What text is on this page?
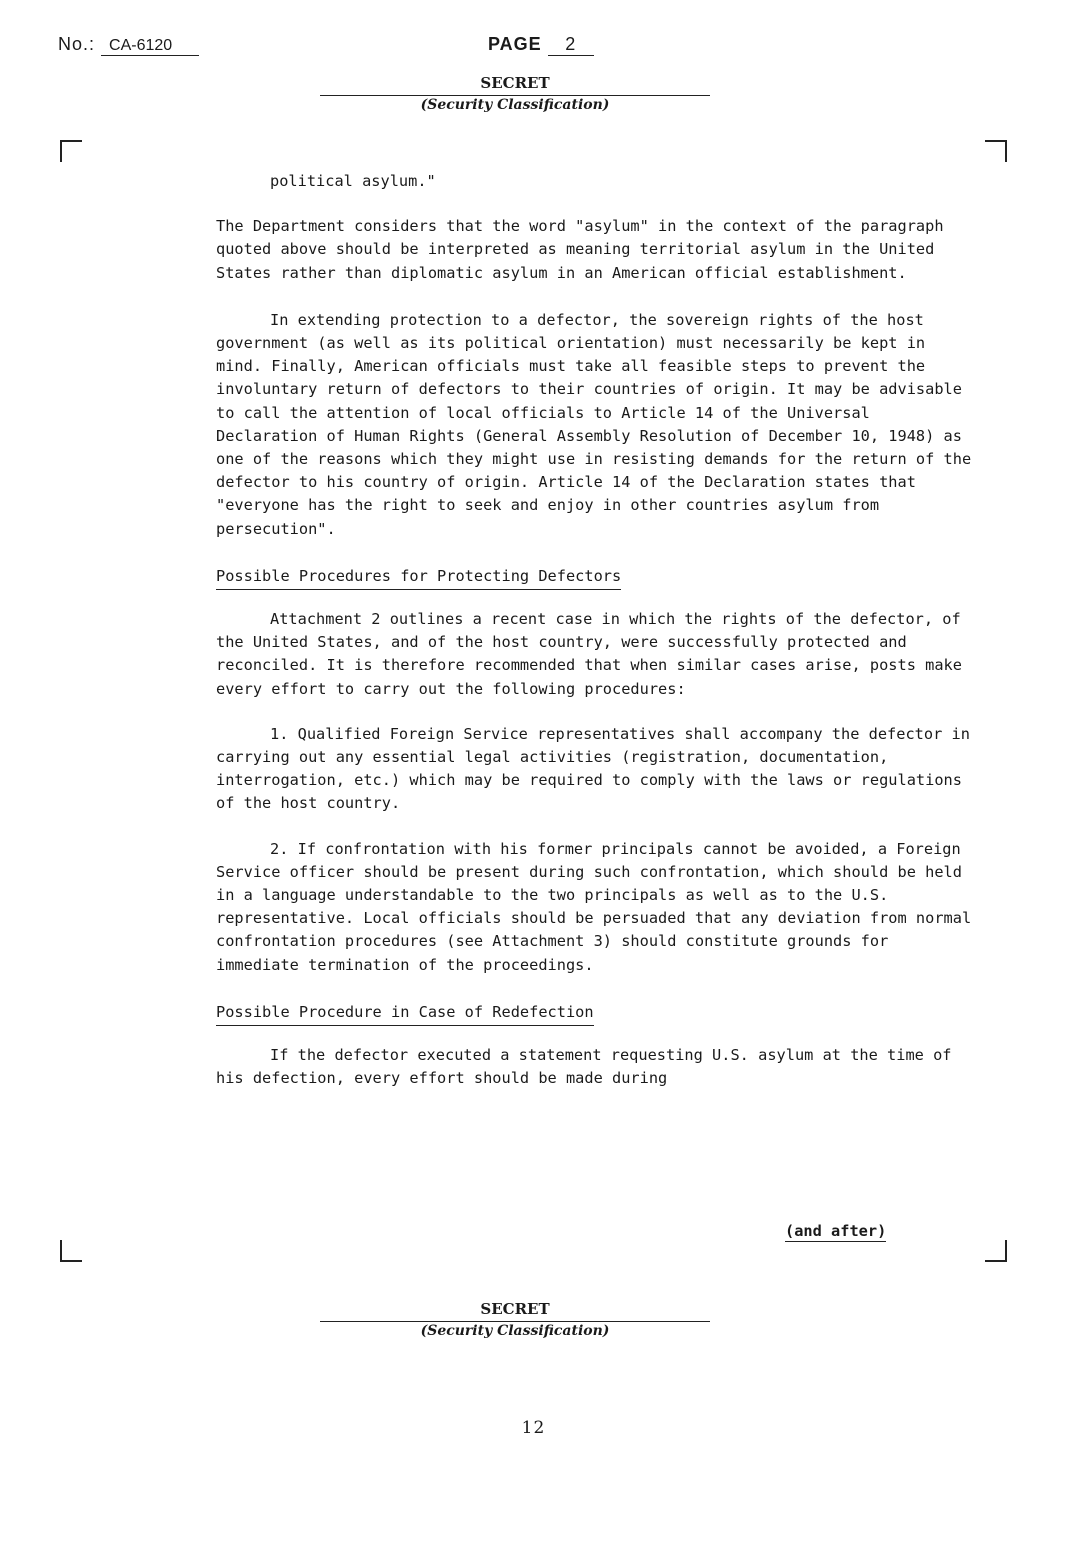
No.: CA-6120	PAGE 2
SECRET
(Security Classification)

political asylum."

The Department considers that the word "asylum" in the context of the paragraph quoted above should be interpreted as meaning territorial asylum in the United States rather than diplomatic asylum in an American official establishment.

In extending protection to a defector, the sovereign rights of the host government (as well as its political orientation) must necessarily be kept in mind. Finally, American officials must take all feasible steps to prevent the involuntary return of defectors to their countries of origin. It may be advisable to call the attention of local officials to Article 14 of the Universal Declaration of Human Rights (General Assembly Resolution of December 10, 1948) as one of the reasons which they might use in resisting demands for the return of the defector to his country of origin. Article 14 of the Declaration states that "everyone has the right to seek and enjoy in other countries asylum from persecution".

Possible Procedures for Protecting Defectors

Attachment 2 outlines a recent case in which the rights of the defector, of the United States, and of the host country, were successfully protected and reconciled. It is therefore recommended that when similar cases arise, posts make every effort to carry out the following procedures:

1. Qualified Foreign Service representatives shall accompany the defector in carrying out any essential legal activities (registration, documentation, interrogation, etc.) which may be required to comply with the laws or regulations of the host country.

2. If confrontation with his former principals cannot be avoided, a Foreign Service officer should be present during such confrontation, which should be held in a language understandable to the two principals as well as to the U.S. representative. Local officials should be persuaded that any deviation from normal confrontation procedures (see Attachment 3) should constitute grounds for immediate termination of the proceedings.

Possible Procedure in Case of Redefection

If the defector executed a statement requesting U.S. asylum at the time of his defection, every effort should be made during

(and after)
SECRET
(Security Classification)
12
